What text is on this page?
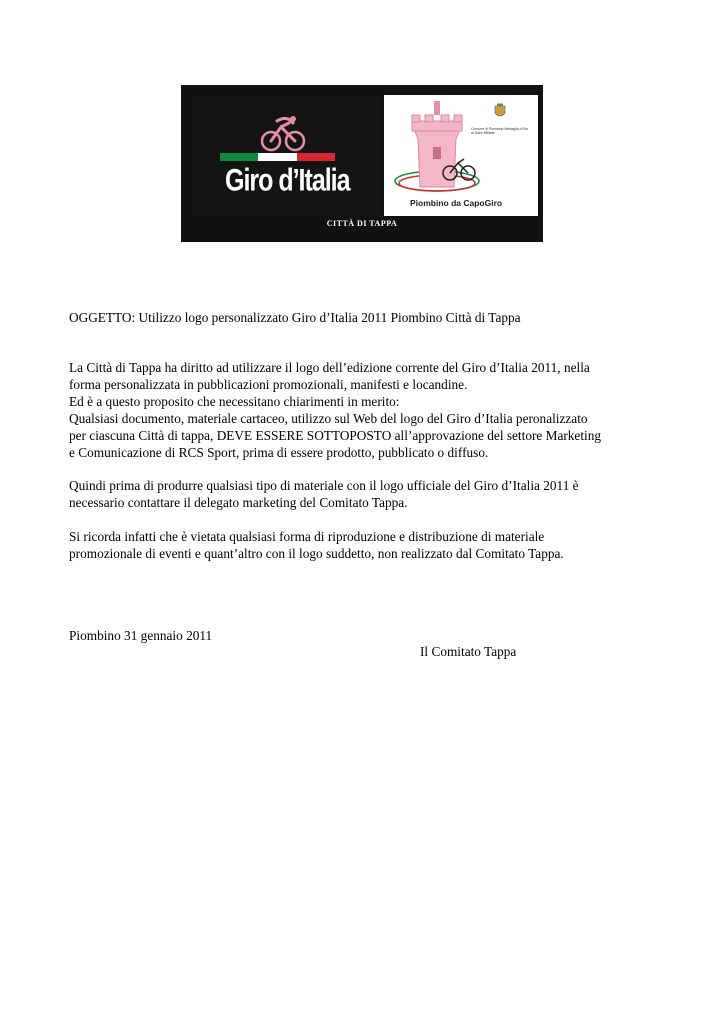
Giro d’Italia
Comune di Piombino Medaglia d’Oro al Valor Militare
Piombino da CapoGiro
CITTÀ DI TAPPA
OGGETTO: Utilizzo logo personalizzato Giro d’Italia 2011 Piombino Città di Tappa
La Città di Tappa ha diritto ad utilizzare il logo dell’edizione corrente del Giro d’Italia 2011, nella
forma personalizzata in pubblicazioni promozionali, manifesti e locandine.
Ed è a questo proposito che necessitano chiarimenti in merito:
Qualsiasi documento, materiale cartaceo, utilizzo sul Web del logo del Giro d’Italia peronalizzato
per ciascuna Città di tappa, DEVE ESSERE SOTTOPOSTO all’approvazione del settore Marketing
e Comunicazione di RCS Sport, prima di essere prodotto, pubblicato o diffuso.
Quindi prima di produrre qualsiasi tipo di materiale con il logo ufficiale del Giro d’Italia 2011 è
necessario contattare il delegato marketing del Comitato Tappa.
Si ricorda infatti che è vietata qualsiasi forma di riproduzione e distribuzione di materiale
promozionale di eventi e quant’altro con il logo suddetto, non realizzato dal Comitato Tappa.
Piombino 31 gennaio 2011
Il Comitato Tappa
